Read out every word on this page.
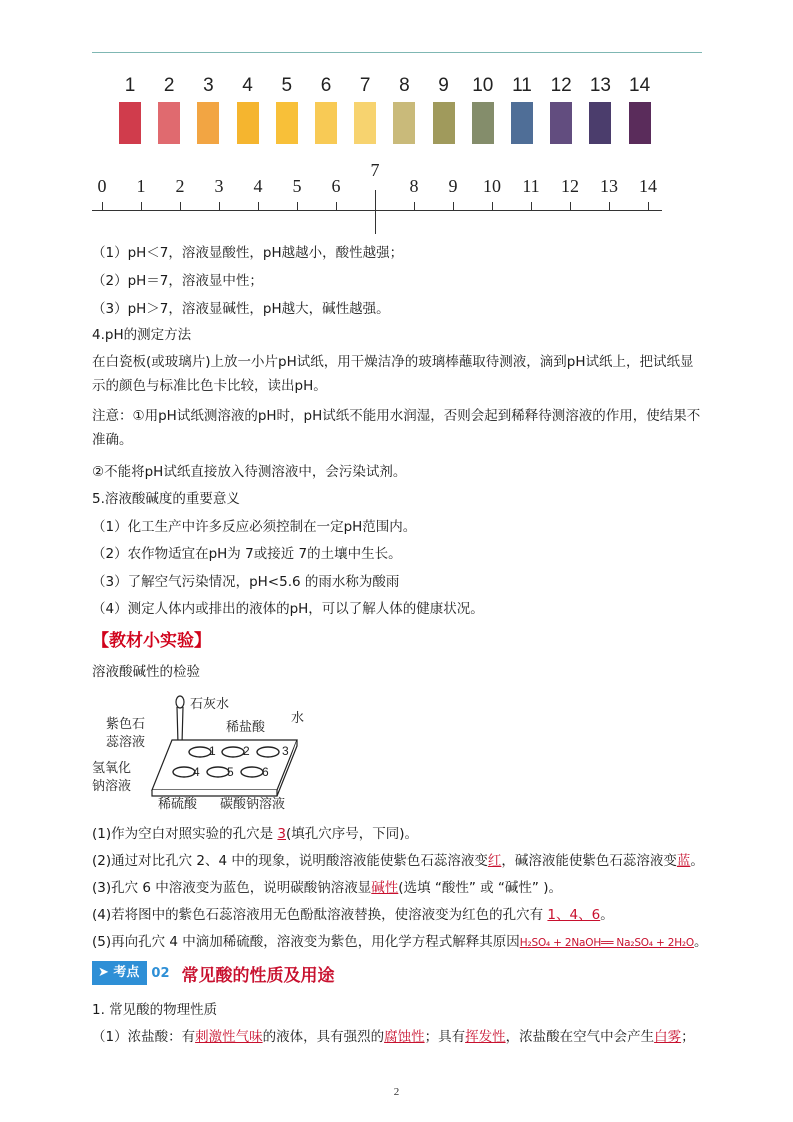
1	2	3	4	5	6	7	8	9	10 11 12 13 14
0	1	2	3	4	5	6
7
8	9	10	11	12	13	14
（1）pH＜7，溶液显酸性，pH越越小，酸性越强；
（2）pH＝7，溶液显中性；
（3）pH＞7，溶液显碱性，pH越大，碱性越强。
4.pH的测定方法
在白瓷板(或玻璃片)上放一小片pH试纸，用干燥洁净的玻璃棒蘸取待测液，滴到pH试纸上，把试纸显示的颜色与标准比色卡比较，读出pH。
注意：①用pH试纸测溶液的pH时，pH试纸不能用水润湿，否则会起到稀释待测溶液的作用，使结果不准确。
②不能将pH试纸直接放入待测溶液中，会污染试剂。
5.溶液酸碱度的重要意义
（1）化工生产中许多反应必须控制在一定pH范围内。
（2）农作物适宜在pH为 7或接近 7的土壤中生长。
（3）了解空气污染情况，pH<5.6 的雨水称为酸雨
（4）测定人体内或排出的液体的pH，可以了解人体的健康状况。
【教材小实验】
溶液酸碱性的检验
石灰水
稀盐酸
水
紫色石
蕊溶液
氢氧化
钠溶液
稀硫酸 碳酸钠溶液
1 2	3
4 5 6
(1)作为空白对照实验的孔穴是 3(填孔穴序号，下同)。
(2)通过对比孔穴 2、4 中的现象，说明酸溶液能使紫色石蕊溶液变红，碱溶液能使紫色石蕊溶液变蓝。
(3)孔穴 6 中溶液变为蓝色，说明碳酸钠溶液显碱性(选填 “酸性” 或 “碱性” )。
(4)若将图中的紫色石蕊溶液用无色酚酞溶液替换，使溶液变为红色的孔穴有 1、4、6。
(5)再向孔穴 4 中滴加稀硫酸，溶液变为紫色，用化学方程式解释其原因H₂SO₄ + 2NaOH══ Na₂SO₄ + 2H₂O。
➤ 考点 02 常见酸的性质及用途
1. 常见酸的物理性质
（1）浓盐酸：有刺激性气味的液体，具有强烈的腐蚀性；具有挥发性，浓盐酸在空气中会产生白雾；
2
